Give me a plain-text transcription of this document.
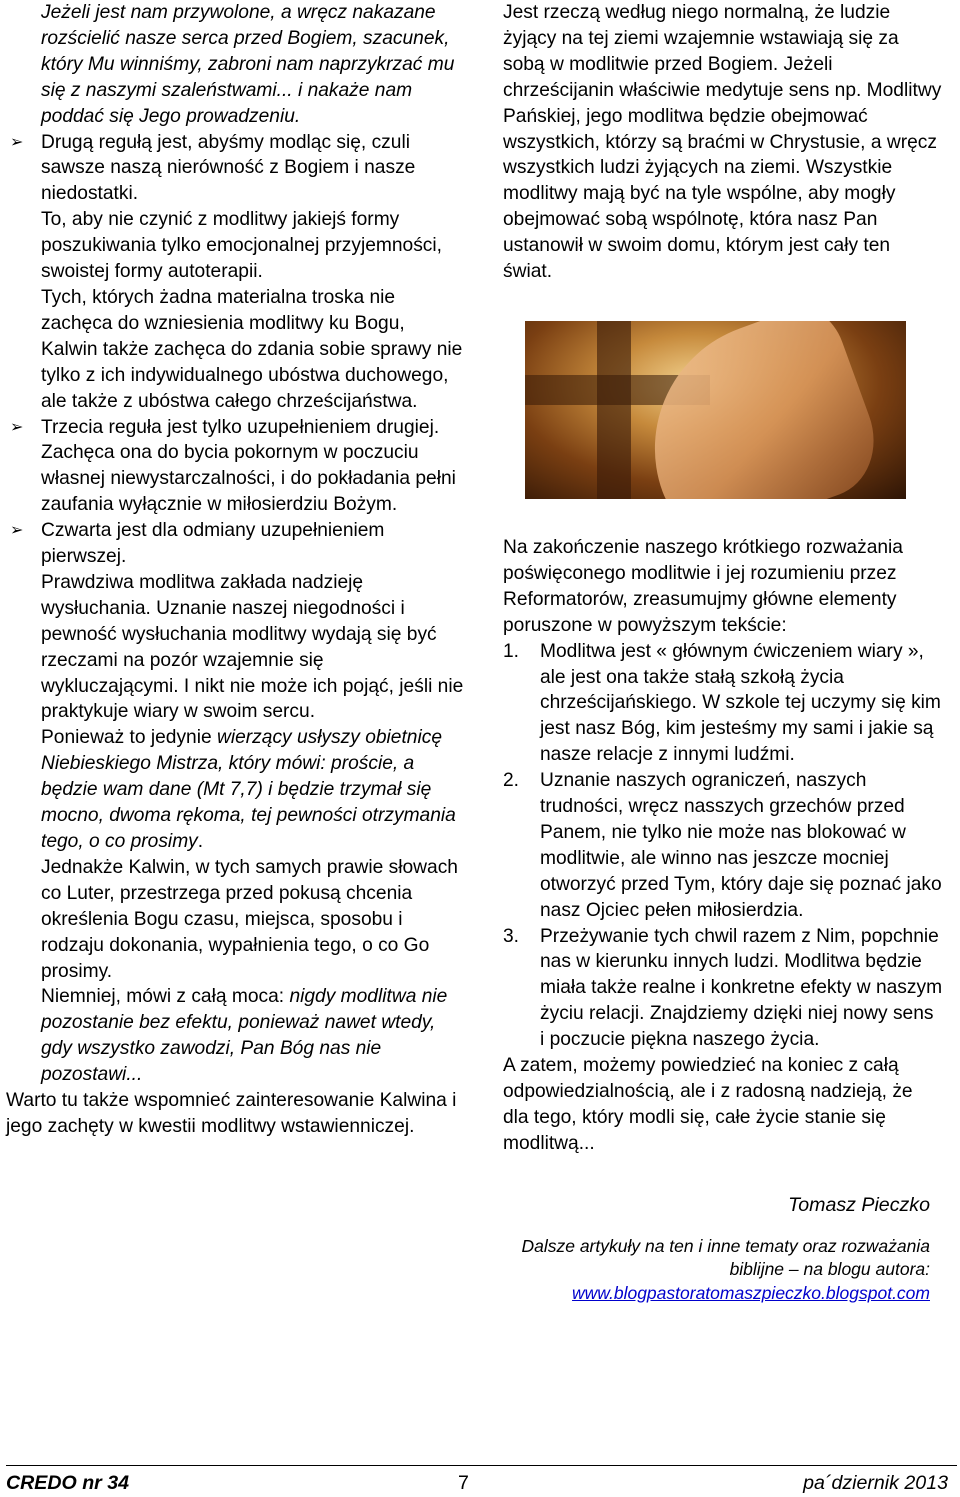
Jeżeli jest nam przywolone, a wręcz nakazane rozścielić nasze serca przed Bogiem, szacunek, który Mu winniśmy, zabroni nam naprzykrzać mu się z naszymi szaleństwami... i nakaże nam poddać się Jego prowadzeniu.
➢ Drugą regułą jest, abyśmy modląc się, czuli sawsze naszą nierówność z Bogiem i nasze niedostatki.
To, aby nie czynić z modlitwy jakiejś formy poszukiwania tylko emocjonalnej przyjemności, swoistej formy autoterapii.
Tych, których żadna materialna troska nie zachęca do wzniesienia modlitwy ku Bogu, Kalwin także zachęca do zdania sobie sprawy nie tylko z ich indywidualnego ubóstwa duchowego, ale także z ubóstwa całego chrześcijaństwa.
➢ Trzecia reguła jest tylko uzupełnieniem drugiej.
Zachęca ona do bycia pokornym w poczuciu własnej niewystarczalności, i do pokładania pełni zaufania wyłącznie w miłosierdziu Bożym.
➢ Czwarta jest dla odmiany uzupełnieniem pierwszej.
Prawdziwa modlitwa zakłada nadzieję wysłuchania. Uznanie naszej niegodności i pewność wysłuchania modlitwy wydają się być rzeczami na pozór wzajemnie się wykluczającymi. I nikt nie może ich pojąć, jeśli nie praktykuje wiary w swoim sercu.
Ponieważ to jedynie wierzący usłyszy obietnicę Niebieskiego Mistrza, który mówi: proście, a będzie wam dane (Mt 7,7) i będzie trzymał się mocno, dwoma rękoma, tej pewności otrzymania tego, o co prosimy.
Jednakże Kalwin, w tych samych prawie słowach co Luter, przestrzega przed pokusą chcenia określenia Bogu czasu, miejsca, sposobu i rodzaju dokonania, wypałnienia tego, o co Go prosimy.
Niemniej, mówi z całą moca: nigdy modlitwa nie pozostanie bez efektu, ponieważ nawet wtedy, gdy wszystko zawodzi, Pan Bóg nas nie pozostawi...
Warto tu także wspomnieć zainteresowanie Kalwina i jego zachęty w kwestii modlitwy wstawienniczej.
Jest rzeczą według niego normalną, że ludzie żyjący na tej ziemi wzajemnie wstawiają się za sobą w modlitwie przed Bogiem. Jeżeli chrześcijanin właściwie medytuje sens np. Modlitwy Pańskiej, jego modlitwa będzie obejmować wszystkich, którzy są braćmi w Chrystusie, a wręcz wszystkich ludzi żyjących na ziemi. Wszystkie modlitwy mają być na tyle wspólne, aby mogły obejmować sobą wspólnotę, która nasz Pan ustanowił w swoim domu, którym jest cały ten świat.
Na zakończenie naszego krótkiego rozważania poświęconego modlitwie i jej rozumieniu przez Reformatorów, zreasumujmy główne elementy poruszone w powyższym tekście:
1. Modlitwa jest « głównym ćwiczeniem wiary », ale jest ona także stałą szkołą życia chrześcijańskiego. W szkole tej uczymy się kim jest nasz Bóg, kim jesteśmy my sami i jakie są nasze relacje z innymi ludźmi.
2. Uznanie naszych ograniczeń, naszych trudności, wręcz nasszych grzechów przed Panem, nie tylko nie może nas blokować w modlitwie, ale winno nas jeszcze mocniej otworzyć przed Tym, który daje się poznać jako nasz Ojciec pełen miłosierdzia.
3. Przeżywanie tych chwil razem z Nim, popchnie nas w kierunku innych ludzi. Modlitwa będzie miała także realne i konkretne efekty w naszym życiu relacji. Znajdziemy dzięki niej nowy sens i poczucie piękna naszego życia.
A zatem, możemy powiedzieć na koniec z całą odpowiedzialnością, ale i z radosną nadzieją, że dla tego, który modli się, całe życie stanie się modlitwą...
Tomasz Pieczko
Dalsze artykuły na ten i inne tematy oraz rozważania biblijne – na blogu autora:
www.blogpastoratomaszpieczko.blogspot.com
CREDO nr 34	7	pa´dziernik 2013
